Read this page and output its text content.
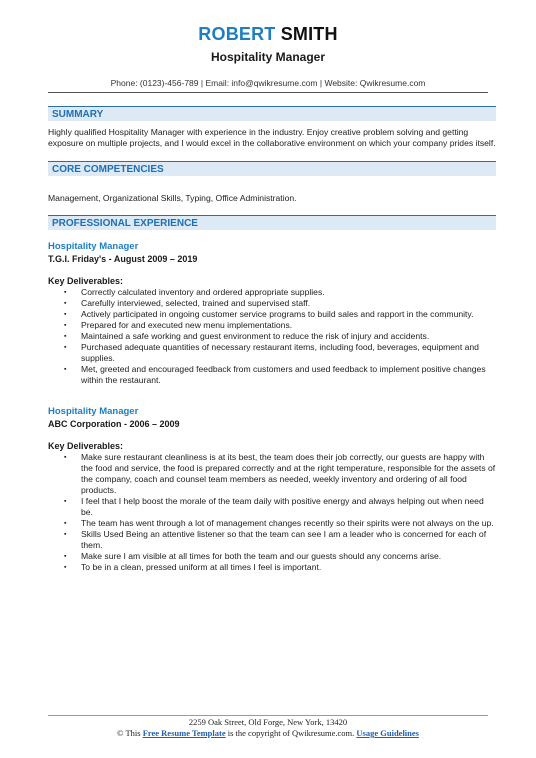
ROBERT SMITH
Hospitality Manager
Phone: (0123)-456-789 | Email: info@qwikresume.com | Website: Qwikresume.com
SUMMARY

Highly qualified Hospitality Manager with experience in the industry. Enjoy creative problem solving and getting exposure on multiple projects, and I would excel in the collaborative environment on which your company prides itself.

CORE COMPETENCIES

Management, Organizational Skills, Typing, Office Administration.

PROFESSIONAL EXPERIENCE
Hospitality Manager
T.G.I. Friday's - August 2009 – 2019
Key Deliverables:
▪ Correctly calculated inventory and ordered appropriate supplies.
▪ Carefully interviewed, selected, trained and supervised staff.
▪ Actively participated in ongoing customer service programs to build sales and rapport in the community.
▪ Prepared for and executed new menu implementations.
▪ Maintained a safe working and guest environment to reduce the risk of injury and accidents.
▪ Purchased adequate quantities of necessary restaurant items, including food, beverages, equipment and supplies.
▪ Met, greeted and encouraged feedback from customers and used feedback to implement positive changes within the restaurant.
Hospitality Manager
ABC Corporation - 2006 – 2009
Key Deliverables:
▪ Make sure restaurant cleanliness is at its best, the team does their job correctly, our guests are happy with the food and service, the food is prepared correctly and at the right temperature, responsible for the assets of the company, coach and counsel team members as needed, weekly inventory and ordering of all food products.
▪ I feel that I help boost the morale of the team daily with positive energy and always helping out when need be.
▪ The team has went through a lot of management changes recently so their spirits were not always on the up.
▪ Skills Used Being an attentive listener so that the team can see I am a leader who is concerned for each of them.
▪ Make sure I am visible at all times for both the team and our guests should any concerns arise.
▪ To be in a clean, pressed uniform at all times I feel is important.
2259 Oak Street, Old Forge, New York, 13420
© This Free Resume Template is the copyright of Qwikresume.com. Usage Guidelines
